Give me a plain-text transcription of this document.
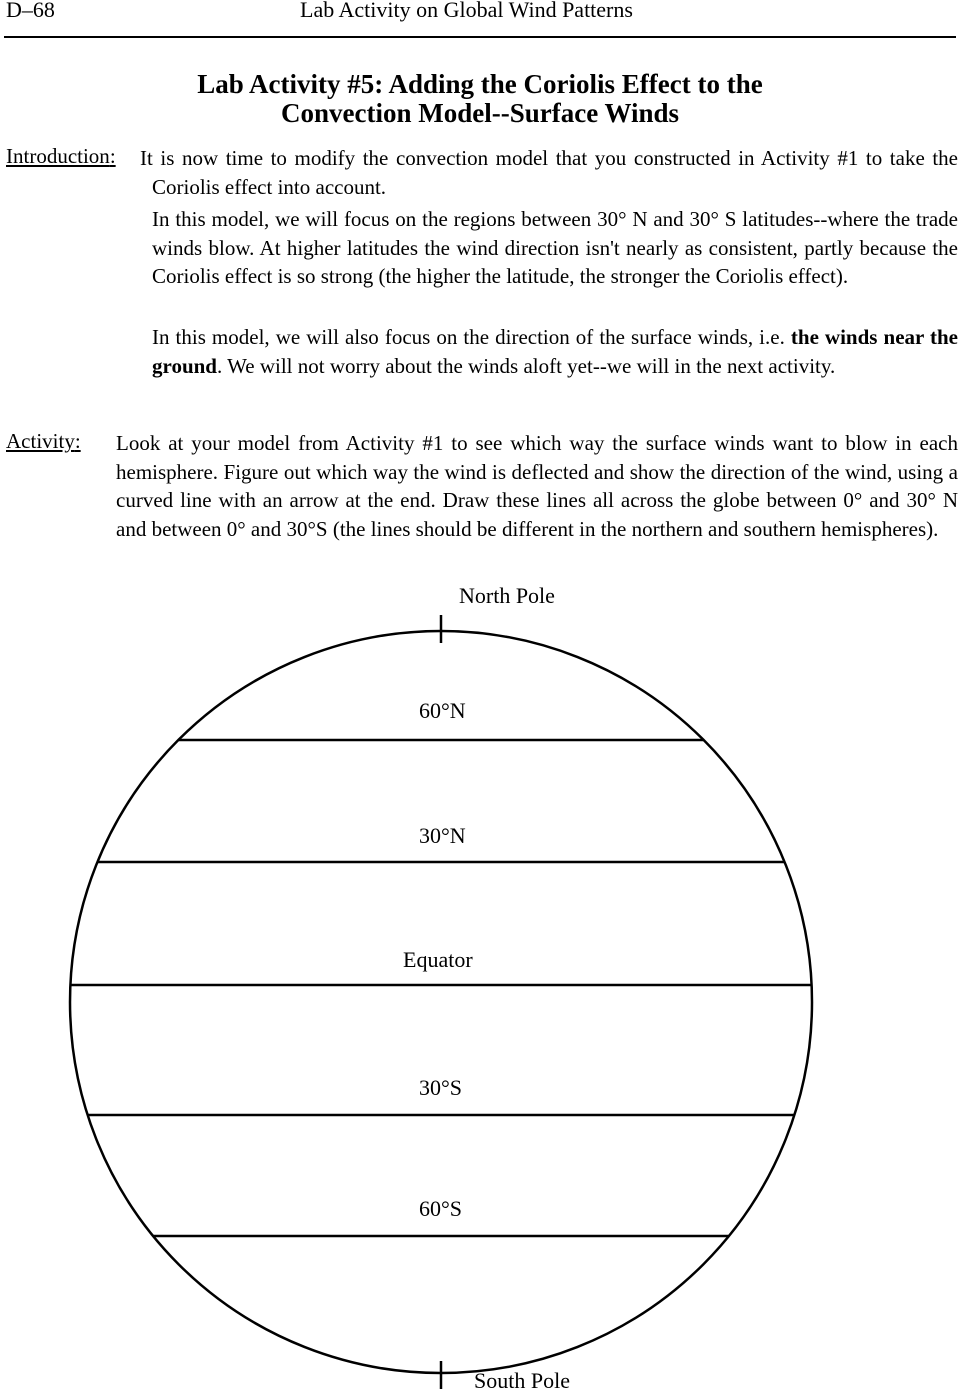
D–68	Lab Activity on Global Wind Patterns
Lab Activity #5: Adding the Coriolis Effect to the
Convection Model--Surface Winds
Introduction: It is now time to modify the convection model that you constructed in Activity #1 to take the Coriolis effect into account.

In this model, we will focus on the regions between 30° N and 30° S latitudes--where the trade winds blow. At higher latitudes the wind direction isn't nearly as consistent, partly because the Coriolis effect is so strong (the higher the latitude, the stronger the Coriolis effect).

In this model, we will also focus on the direction of the surface winds, i.e. the winds near the ground. We will not worry about the winds aloft yet--we will in the next activity.

Activity: Look at your model from Activity #1 to see which way the surface winds want to blow in each hemisphere. Figure out which way the wind is deflected and show the direction of the wind, using a curved line with an arrow at the end. Draw these lines all across the globe between 0° and 30° N and between 0° and 30°S (the lines should be different in the northern and southern hemispheres).

North Pole
South Pole
60°N
30°N
Equator
30°S
60°S
